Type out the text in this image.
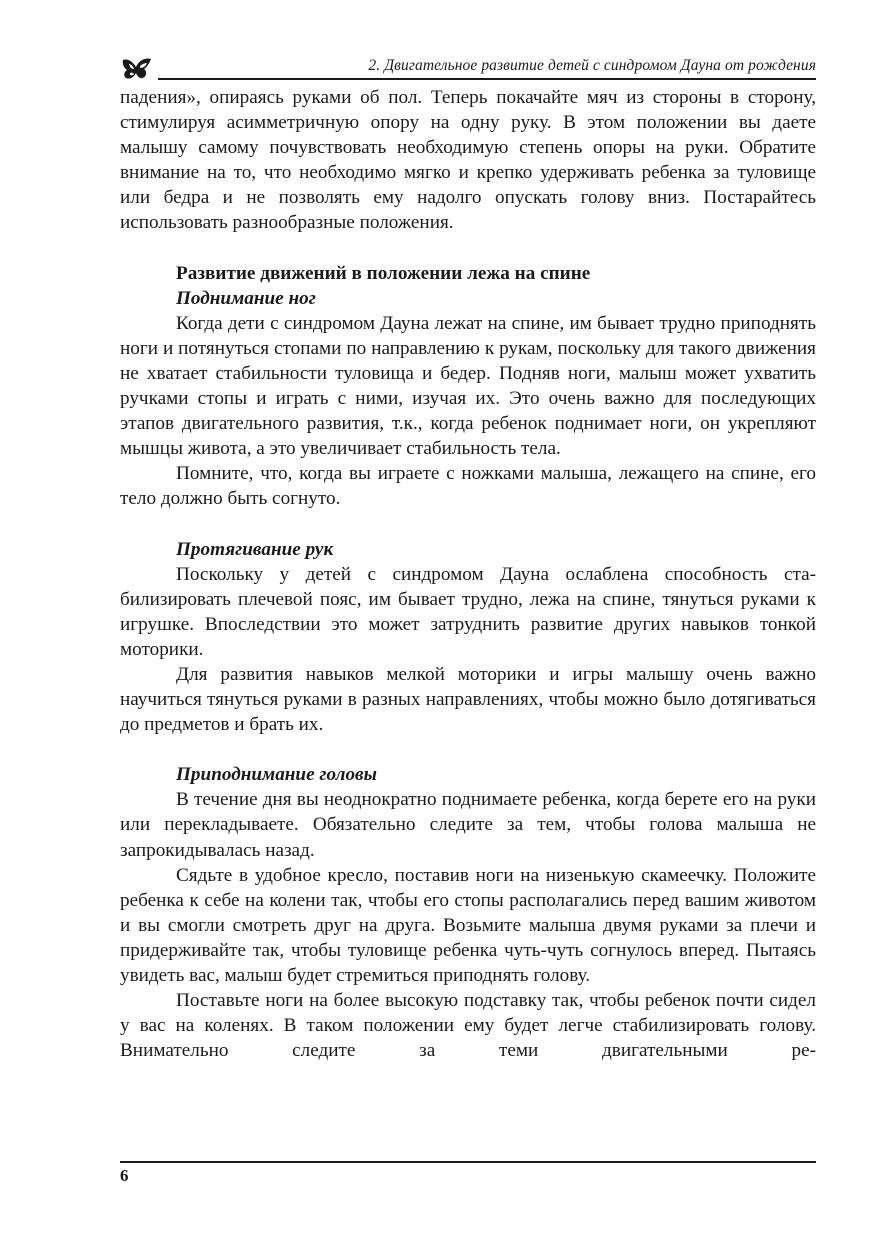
2. Двигательное развитие детей с синдромом Дауна от рождения

падения», опираясь руками об пол. Теперь покачайте мяч из стороны в сторону, стимулируя асимметричную опору на одну руку. В этом положении вы даете малышу самому почувствовать необходимую степень опоры на руки. Обратите внимание на то, что необходимо мягко и крепко удерживать ребенка за туловище или бедра и не позволять ему надолго опускать голову вниз. Постарайтесь использовать разнообразные положения.

Развитие движений в положении лежа на спине
Поднимание ног

Когда дети с синдромом Дауна лежат на спине, им бывает трудно приподнять ноги и потянуться стопами по направлению к рукам, поскольку для такого движения не хватает стабильности туловища и бедер. Подняв ноги, малыш может ухватить ручками стопы и играть с ними, изучая их. Это очень важно для последующих этапов двигательного развития, т.к., когда ребенок поднимает ноги, он укрепляют мышцы живота, а это увеличивает стабильность тела.

Помните, что, когда вы играете с ножками малыша, лежащего на спине, его тело должно быть согнуто.

Протягивание рук

Поскольку у детей с синдромом Дауна ослаблена способность стабилизировать плечевой пояс, им бывает трудно, лежа на спине, тянуться руками к игрушке. Впоследствии это может затруднить развитие других навыков тонкой моторики.

Для развития навыков мелкой моторики и игры малышу очень важно научиться тянуться руками в разных направлениях, чтобы можно было дотягиваться до предметов и брать их.

Приподнимание головы

В течение дня вы неоднократно поднимаете ребенка, когда берете его на руки или перекладываете. Обязательно следите за тем, чтобы голова малыша не запрокидывалась назад.

Сядьте в удобное кресло, поставив ноги на низенькую скамеечку. Положите ребенка к себе на колени так, чтобы его стопы располагались перед вашим животом и вы смогли смотреть друг на друга. Возьмите малыша двумя руками за плечи и придерживайте так, чтобы туловище ребенка чуть-чуть согнулось вперед. Пытаясь увидеть вас, малыш будет стремиться приподнять голову.

Поставьте ноги на более высокую подставку так, чтобы ребенок почти сидел у вас на коленях. В таком положении ему будет легче стабилизировать голову. Внимательно следите за теми двигательными ре-

6
